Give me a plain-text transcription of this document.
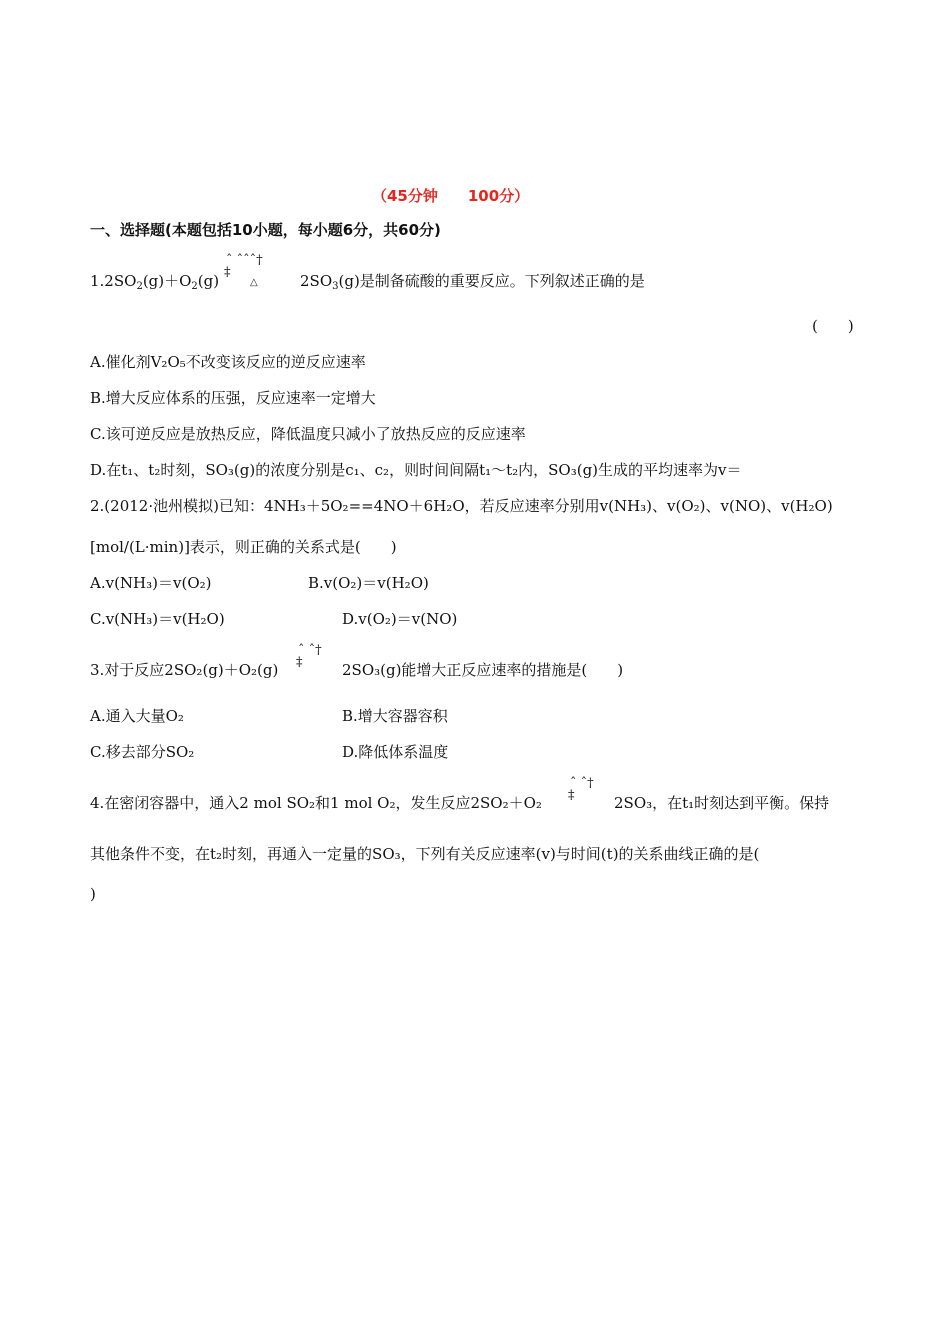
（45分钟　　100分）
一、选择题(本题包括10小题，每小题6分，共60分)
$1.2SO_2(g)+O_2(g)$
ˆ ˆˆˆ†
‡
△	$2SO_3(g)$是制备硫酸的重要反应。下列叙述正确的是
(　　)
A.催化剂V₂O₅不改变该反应的逆反应速率
B.增大反应体系的压强，反应速率一定增大
C.该可逆反应是放热反应，降低温度只减小了放热反应的反应速率
D.在t₁、t₂时刻，SO₃(g)的浓度分别是c₁、c₂，则时间间隔t₁～t₂内，SO₃(g)生成的平均速率为v＝
2.(2012·池州模拟)已知：4NH₃＋5O₂==4NO＋6H₂O，若反应速率分别用v(NH₃)、v(O₂)、v(NO)、v(H₂O)
[mol/(L·min)]表示，则正确的关系式是(　　)
A.v(NH₃)＝v(O₂)	B.v(O₂)＝v(H₂O)
C.v(NH₃)＝v(H₂O)	D.v(O₂)＝v(NO)
3.对于反应2SO₂(g)＋O₂(g)
ˆ ˆ†
‡	2SO₃(g)能增大正反应速率的措施是(　　)
A.通入大量O₂	B.增大容器容积
C.移去部分SO₂	D.降低体系温度
4.在密闭容器中，通入2 mol SO₂和1 mol O₂，发生反应2SO₂＋O₂
ˆ ˆ†
‡	2SO₃，在t₁时刻达到平衡。保持
其他条件不变，在t₂时刻，再通入一定量的SO₃，下列有关反应速率(v)与时间(t)的关系曲线正确的是(
)
